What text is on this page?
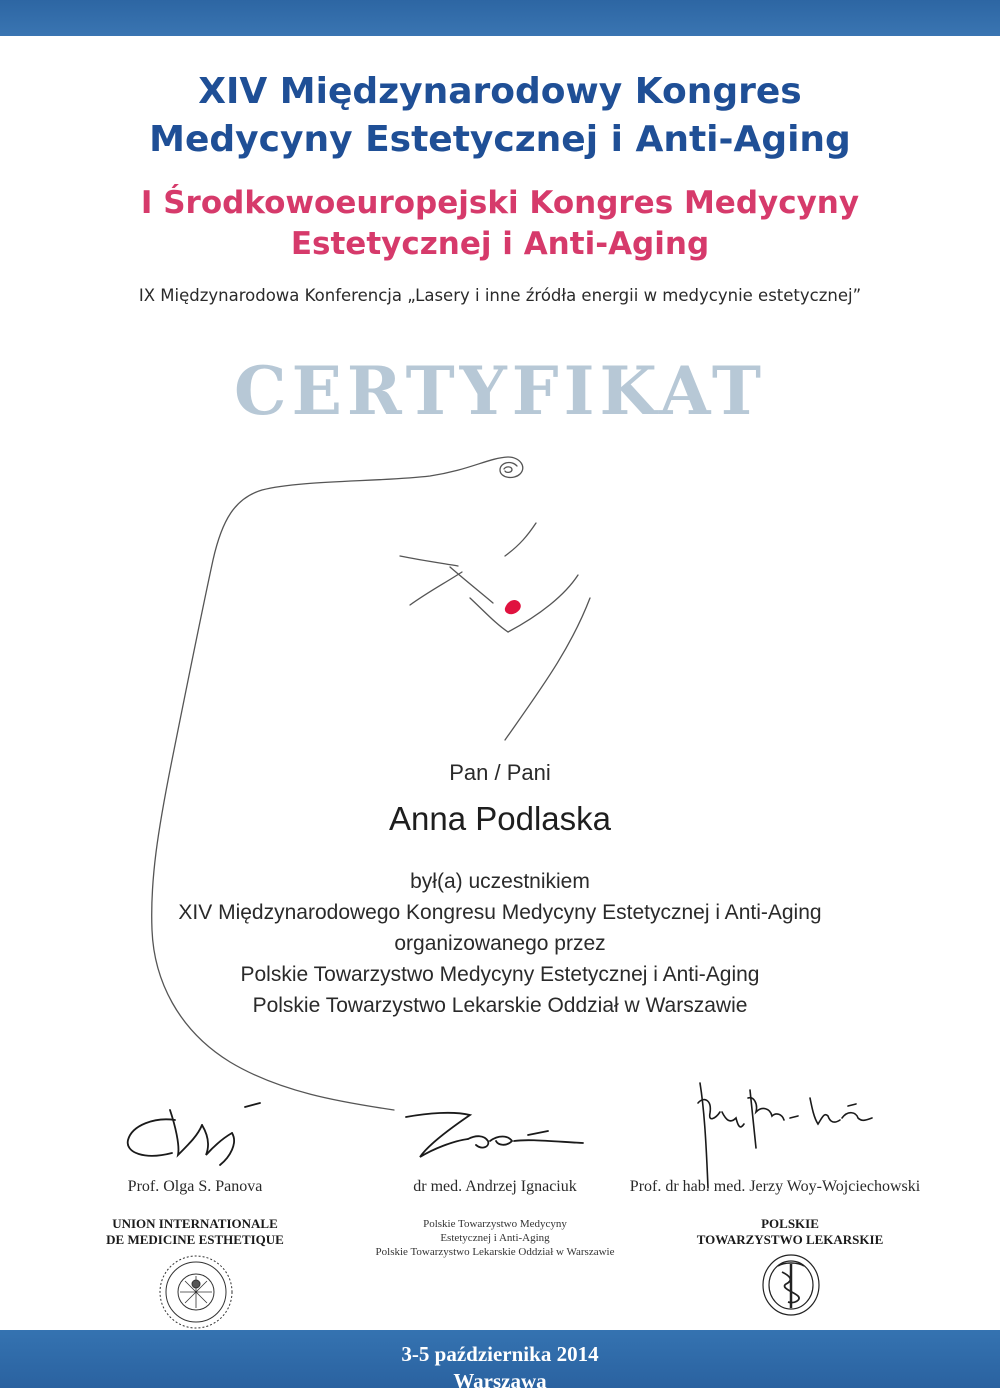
XIV Międzynarodowy Kongres
Medycyny Estetycznej i Anti-Aging
I Środkowoeuropejski Kongres Medycyny
Estetycznej i Anti-Aging
IX Międzynarodowa Konferencja „Lasery i inne źródła energii w medycynie estetycznej”
CERTYFIKAT
Pan / Pani
Anna Podlaska
był(a) uczestnikiem
XIV Międzynarodowego Kongresu Medycyny Estetycznej i Anti-Aging
organizowanego przez
Polskie Towarzystwo Medycyny Estetycznej i Anti-Aging
Polskie Towarzystwo Lekarskie Oddział w Warszawie
Prof. Olga S. Panova	dr med. Andrzej Ignaciuk	Prof. dr hab. med. Jerzy Woy-Wojciechowski
UNION INTERNATIONALE
DE MEDICINE ESTHETIQUE
Polskie Towarzystwo Medycyny
Estetycznej i Anti-Aging
Polskie Towarzystwo Lekarskie Oddział w Warszawie
POLSKIE
TOWARZYSTWO LEKARSKIE
3-5 października 2014
Warszawa
